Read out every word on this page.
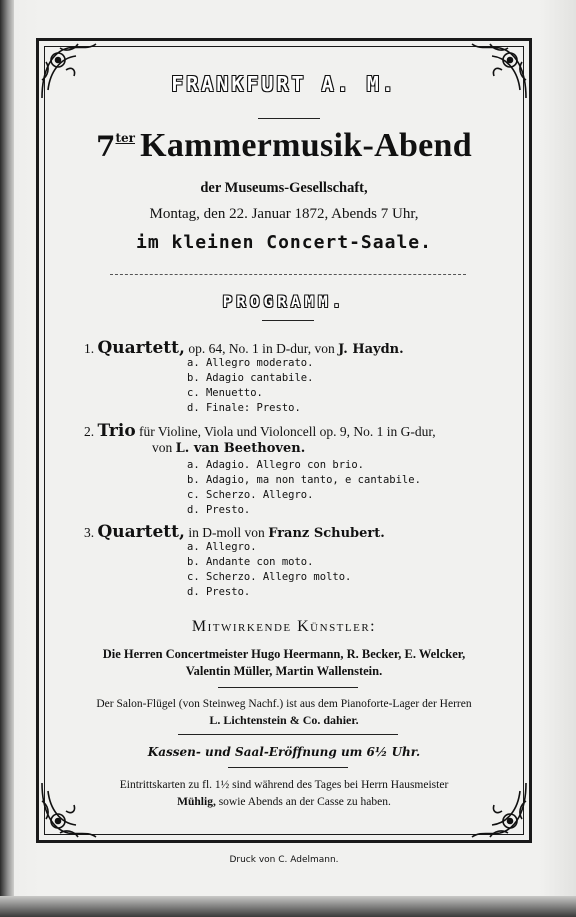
FRANKFURT A. M.
$7^{ter}$ Kammermusik-Abend
der Museums-Gesellschaft,
Montag, den 22. Januar 1872, Abends 7 Uhr,
im kleinen Concert-Saale.
PROGRAMM.
1. Quartett, op. 64, No. 1 in D-dur, von J. Haydn.
a. Allegro moderato.
b. Adagio cantabile.
c. Menuetto.
d. Finale: Presto.
2. Trio für Violine, Viola und Violoncell op. 9, No. 1 in G-dur,
von L. van Beethoven.
a. Adagio. Allegro con brio.
b. Adagio, ma non tanto, e cantabile.
c. Scherzo. Allegro.
d. Presto.
3. Quartett, in D-moll von Franz Schubert.
a. Allegro.
b. Andante con moto.
c. Scherzo. Allegro molto.
d. Presto.
Mitwirkende Künstler:
Die Herren Concertmeister Hugo Heermann, R. Becker, E. Welcker,
Valentin Müller, Martin Wallenstein.
Der Salon-Flügel (von Steinweg Nachf.) ist aus dem Pianoforte-Lager der Herren
L. Lichtenstein & Co. dahier.
Kassen- und Saal-Eröffnung um 6½ Uhr.
Eintrittskarten zu fl. 1½ sind während des Tages bei Herrn Hausmeister
Mühlig, sowie Abends an der Casse zu haben.
Druck von C. Adelmann.
